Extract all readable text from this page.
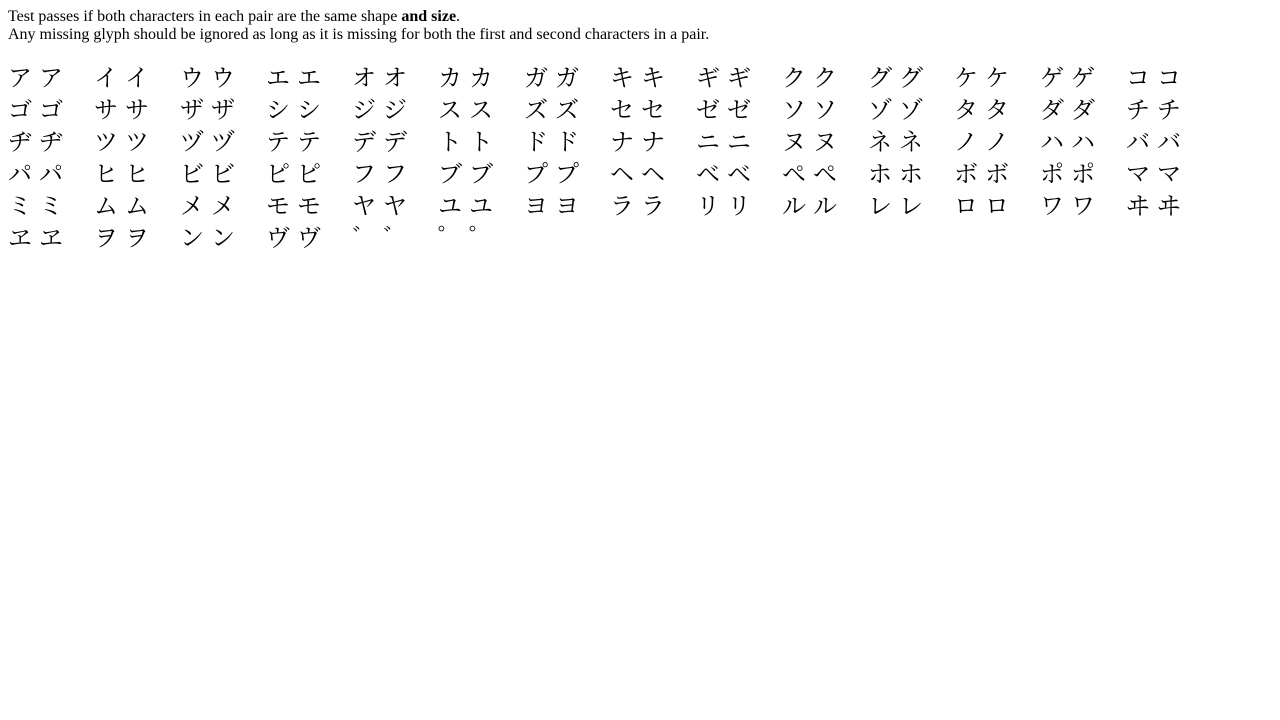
Test passes if both characters in each pair are the same shape and size.

Any missing glyph should be ignored as long as it is missing for both the first and second characters in a pair.

ア ア イ イ ウ ウ エ エ オ オ カ カ ガ ガ キ キ ギ ギ ク ク グ グ ケ ケ ゲ ゲ コ コゴ ゴ サ サ ザ ザ シ シ ジ ジ ス ス ズ ズ セ セ ゼ ゼ ソ ソ ゾ ゾ タ タ ダ ダ チ チヂ ヂ ツ ツ ヅ ヅ テ テ デ デ ト ト ド ド ナ ナ ニ ニ ヌ ヌ ネ ネ ノ ノ ハ ハ バ バパ パ ヒ ヒ ビ ビ ピ ピ フ フ ブ ブ プ プ ヘ ヘ ベ ベ ペ ペ ホ ホ ボ ボ ポ ポ マ マミ ミ ム ム メ メ モ モ ヤ ヤ ユ ユ ヨ ヨ ラ ラ リ リ ル ル レ レ ロ ロ ワ ワ ヰ ヰヱ ヱ ヲ ヲ ン ン ヴ ヴ ゛ ゛ ゜ ゜
